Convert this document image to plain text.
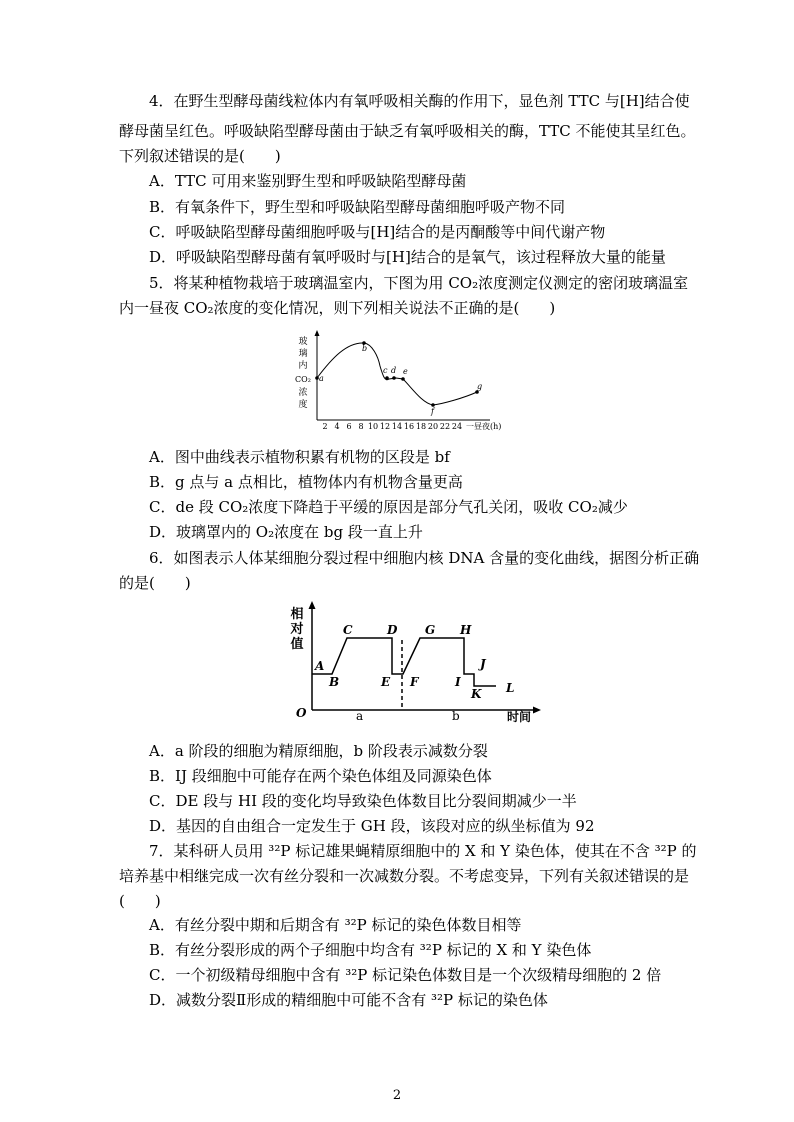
4．在野生型酵母菌线粒体内有氧呼吸相关酶的作用下，显色剂 TTC 与[H]结合使
酵母菌呈红色。呼吸缺陷型酵母菌由于缺乏有氧呼吸相关的酶，TTC 不能使其呈红色。
下列叙述错误的是(　　)
A．TTC 可用来鉴别野生型和呼吸缺陷型酵母菌
B．有氧条件下，野生型和呼吸缺陷型酵母菌细胞呼吸产物不同
C．呼吸缺陷型酵母菌细胞呼吸与[H]结合的是丙酮酸等中间代谢产物
D．呼吸缺陷型酵母菌有氧呼吸时与[H]结合的是氧气，该过程释放大量的能量
5．将某种植物栽培于玻璃温室内，下图为用 CO₂浓度测定仪测定的密闭玻璃温室
内一昼夜 CO₂浓度的变化情况，则下列相关说法不正确的是(　　)
玻
璃
内
CO₂
浓
度
2 4 6 8 10 12 14 16 18 20 22 24 一昼夜(h)
a
b
c d e
f
g
A．图中曲线表示植物积累有机物的区段是 bf
B．g 点与 a 点相比，植物体内有机物含量更高
C．de 段 CO₂浓度下降趋于平缓的原因是部分气孔关闭，吸收 CO₂减少
D．玻璃罩内的 O₂浓度在 bg 段一直上升
6．如图表示人体某细胞分裂过程中细胞内核 DNA 含量的变化曲线，据图分析正确
的是(　　)
相
对
值
O	时间
a	b
A
B
C	D
E F
G H
I
J
K L
A．a 阶段的细胞为精原细胞，b 阶段表示减数分裂
B．IJ 段细胞中可能存在两个染色体组及同源染色体
C．DE 段与 HI 段的变化均导致染色体数目比分裂间期减少一半
D．基因的自由组合一定发生于 GH 段，该段对应的纵坐标值为 92
7．某科研人员用 ³²P 标记雄果蝇精原细胞中的 X 和 Y 染色体，使其在不含 ³²P 的
培养基中相继完成一次有丝分裂和一次减数分裂。不考虑变异，下列有关叙述错误的是
(　　)
A．有丝分裂中期和后期含有 ³²P 标记的染色体数目相等
B．有丝分裂形成的两个子细胞中均含有 ³²P 标记的 X 和 Y 染色体
C．一个初级精母细胞中含有 ³²P 标记染色体数目是一个次级精母细胞的 2 倍
D．减数分裂Ⅱ形成的精细胞中可能不含有 ³²P 标记的染色体
2
